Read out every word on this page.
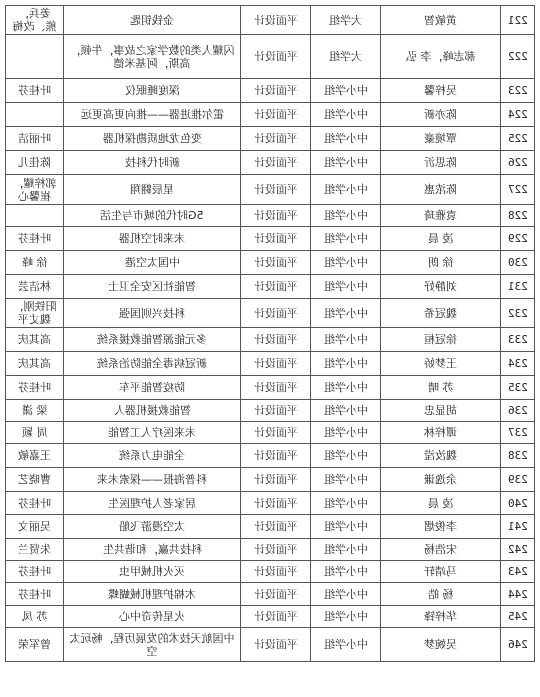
姜兵，熊、改梅	金钱钥匙	平面设计	大学组	黄敏智	221
	闪耀人类的数学家之故事，牛顿，高斯，阿基米德	平面设计	大学组	郝志峰，李 弘	222
叶桂芬	深度睡眠仪	平面设计	中小学组	吴梓馨	223
	霍尔推进器——推向更高更远	平面设计	中小学组	陈亦新	224
叶丽洁	变色龙地质勘探机器	平面设计	中小学组	覃境豪	225
陈佳儿	新时代科技	平面设计	中小学组	陈思沂	226
郭梓耀，崔馨心	星辰翱翔	平面设计	中小学组	陈浓惠	227
	5G时代的城市与生活	平面设计	中小学组	袁雅琦	228
叶桂芬	未来时空机器	平面设计	中小学组	凌 晨	229
徐 峰	中国太空港	平面设计	中小学组	徐 朗	230
林洁芸	智能社区安全卫士	平面设计	中小学组	刘静妤	231
阳铁刚，魏丈平	科技兴则国强	平面设计	中小学组	魏冠希	232
高其庆	多元能源智能救援系统	平面设计	中小学组	徐冠桓	233
高其庆	新冠病毒全能防治系统	平面设计	中小学组	王梦娇	234
叶桂芬	防疫智能平车	平面设计	中小学组	苏 晴	235
梁 潇	智能救援机器人	平面设计	中小学组	胡显忠	236
周 颖	未来医疗人工智能	平面设计	中小学组	谭梓林	237
王嘉敏	全能电力系统	平面设计	中小学组	魏汝滢	238
曹晓艺	科普海报——探索未来	平面设计	中小学组	余逸谦	239
叶桂芬	居家老人护理医生	平面设计	中小学组	凌 晨	240
吴丽文	太空漫游飞船	平面设计	中小学组	李俊熠	241
朱贤兰	科技共赢，和谐共生	平面设计	中小学组	宋浩杨	242
叶桂芬	灭火机械甲虫	平面设计	中小学组	马靖轩	243
叶桂芬	木棉护理机械蝴蝶	平面设计	中小学组	杨 皓	244
苏 凤	火星传奇中心	平面设计	中小学组	华梓锋	245
曾军荣	中国航天技术的发展历程，畅玩太空	平面设计	中小学组	吴婉梦	246
